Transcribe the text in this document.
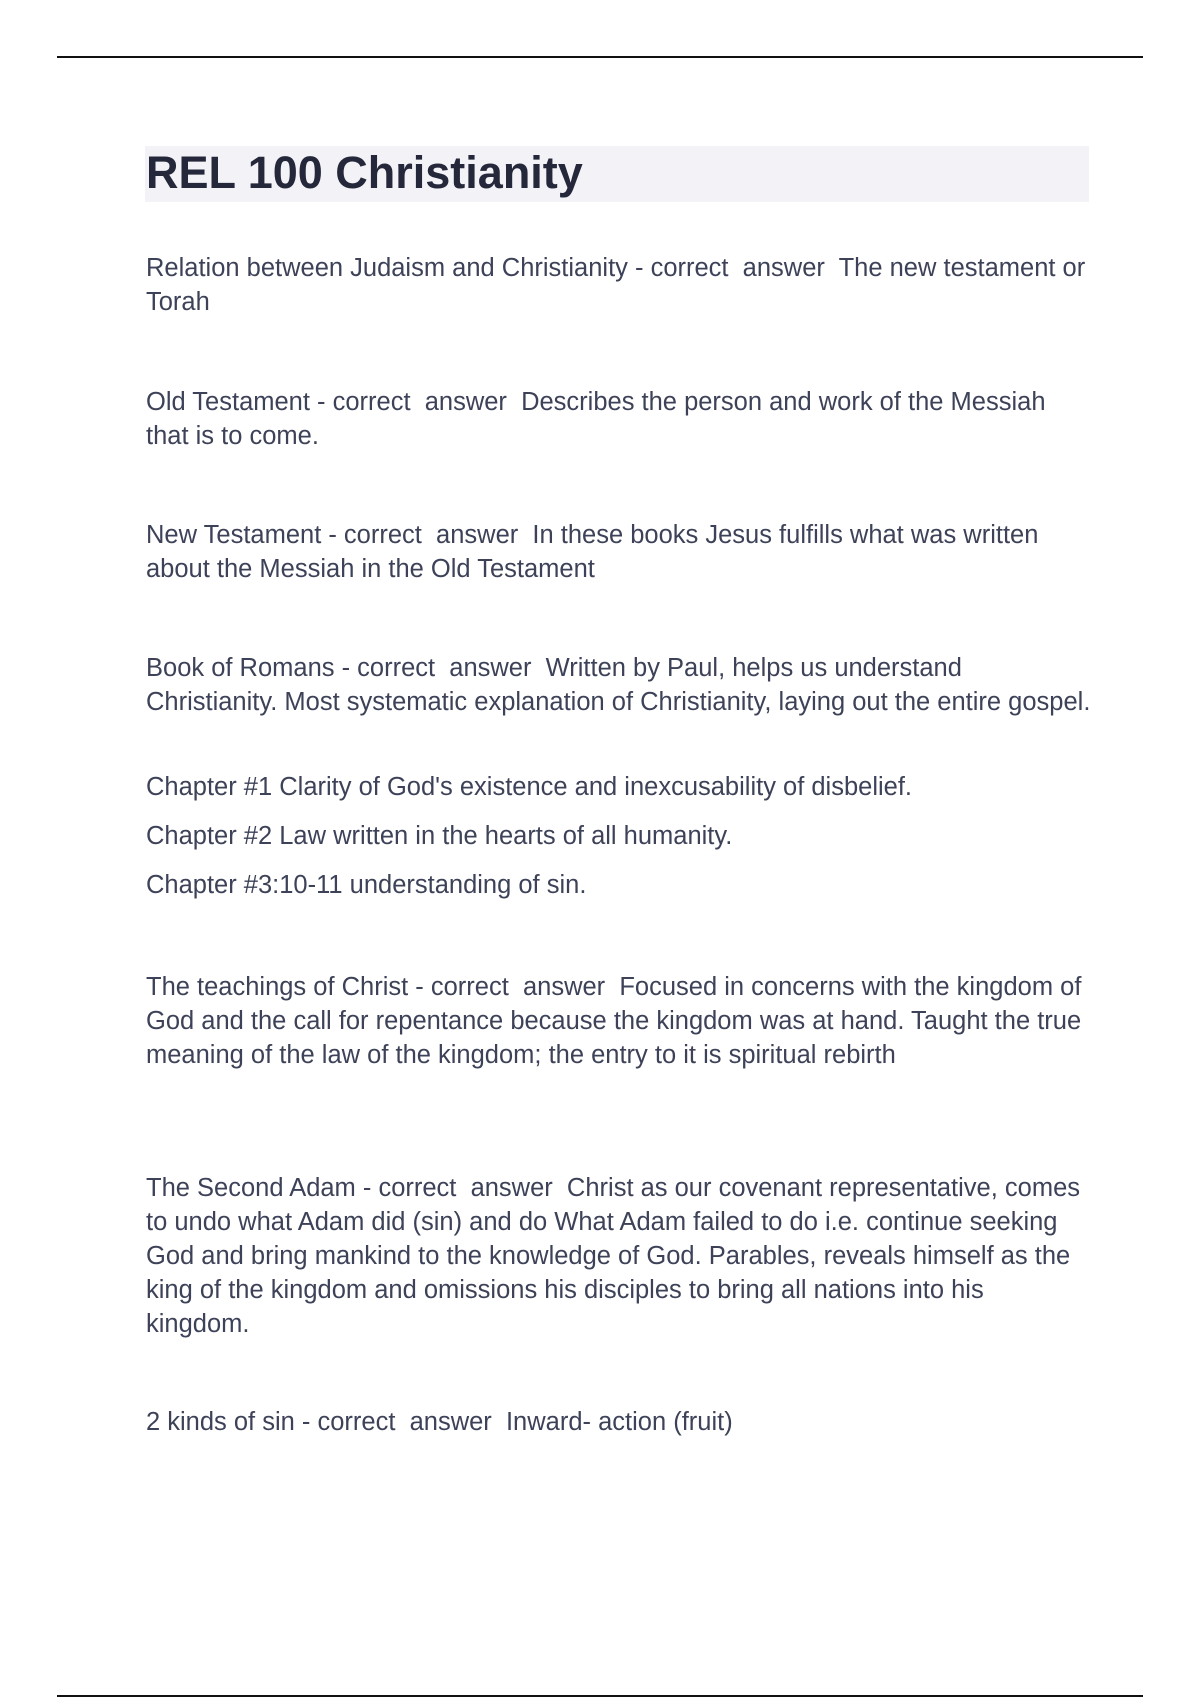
REL 100 Christianity

Relation between Judaism and Christianity - correct  answer  The new testament or Torah

Old Testament - correct  answer  Describes the person and work of the Messiah that is to come.

New Testament - correct  answer  In these books Jesus fulfills what was written about the Messiah in the Old Testament

Book of Romans - correct  answer  Written by Paul, helps us understand Christianity. Most systematic explanation of Christianity, laying out the entire gospel.

Chapter #1 Clarity of God's existence and inexcusability of disbelief.

Chapter #2 Law written in the hearts of all humanity.

Chapter #3:10-11 understanding of sin.

The teachings of Christ - correct  answer  Focused in concerns with the kingdom of God and the call for repentance because the kingdom was at hand. Taught the true meaning of the law of the kingdom; the entry to it is spiritual rebirth

The Second Adam - correct  answer  Christ as our covenant representative, comes to undo what Adam did (sin) and do What Adam failed to do i.e. continue seeking God and bring mankind to the knowledge of God. Parables, reveals himself as the king of the kingdom and omissions his disciples to bring all nations into his kingdom.

2 kinds of sin - correct  answer  Inward- action (fruit)
